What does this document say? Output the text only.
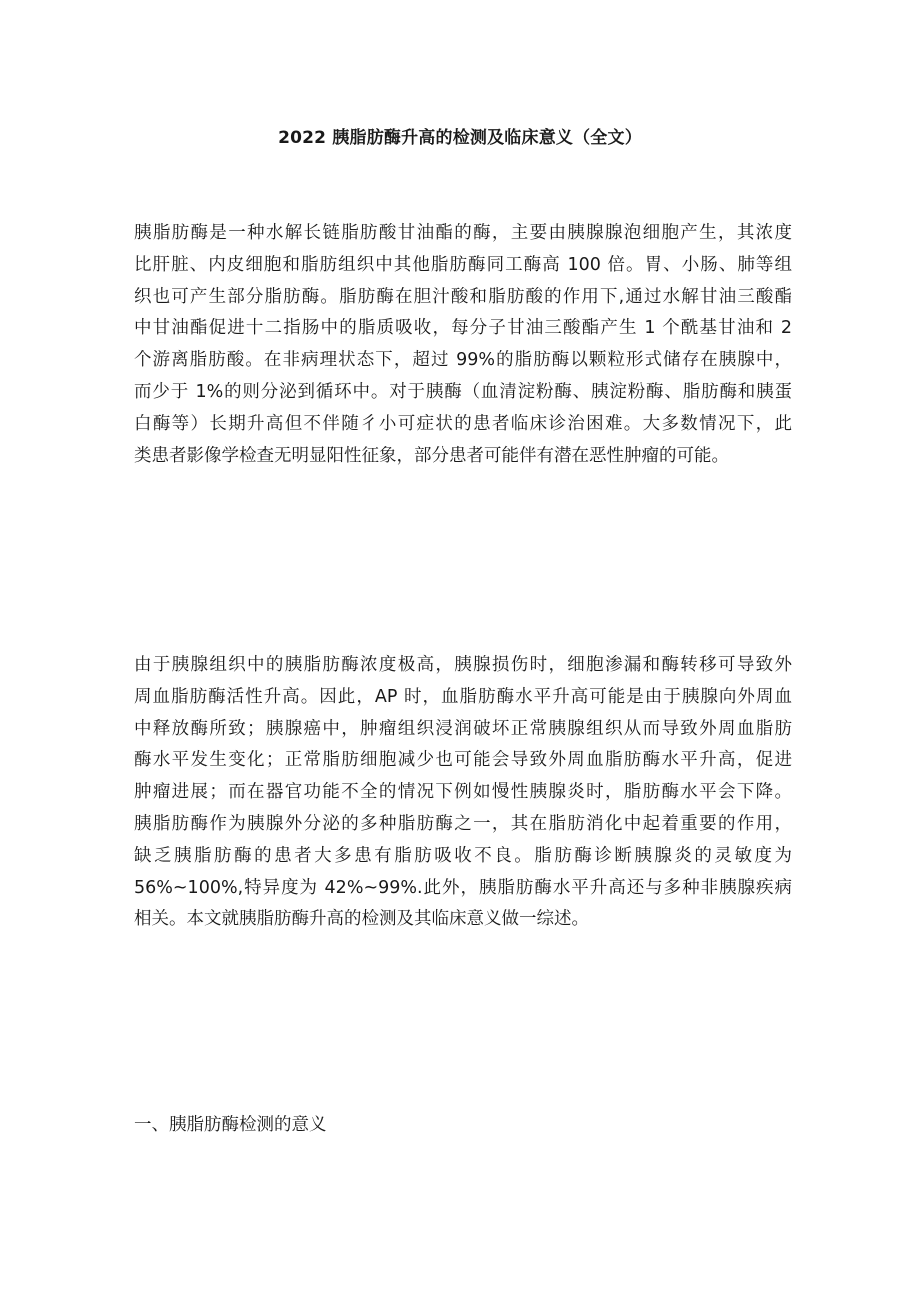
2022 胰脂肪酶升高的检测及临床意义（全文）
胰脂肪酶是一种水解长链脂肪酸甘油酯的酶，主要由胰腺腺泡细胞产生，其浓度
比肝脏、内皮细胞和脂肪组织中其他脂肪酶同工酶高 100 倍。胃、小肠、肺等组
织也可产生部分脂肪酶。脂肪酶在胆汁酸和脂肪酸的作用下,通过水解甘油三酸酯
中甘油酯促进十二指肠中的脂质吸收，每分子甘油三酸酯产生 1 个酰基甘油和 2
个游离脂肪酸。在非病理状态下，超过 99%的脂肪酶以颗粒形式储存在胰腺中，
而少于 1%的则分泌到循环中。对于胰酶（血清淀粉酶、胰淀粉酶、脂肪酶和胰蛋
白酶等）长期升高但不伴随彳小可症状的患者临床诊治困难。大多数情况下，此
类患者影像学检查无明显阳性征象，部分患者可能伴有潜在恶性肿瘤的可能。
由于胰腺组织中的胰脂肪酶浓度极高，胰腺损伤时，细胞渗漏和酶转移可导致外
周血脂肪酶活性升高。因此，AP 时，血脂肪酶水平升高可能是由于胰腺向外周血
中释放酶所致；胰腺癌中，肿瘤组织浸润破坏正常胰腺组织从而导致外周血脂肪
酶水平发生变化；正常脂肪细胞减少也可能会导致外周血脂肪酶水平升高，促进
肿瘤进展；而在器官功能不全的情况下例如慢性胰腺炎时，脂肪酶水平会下降。
胰脂肪酶作为胰腺外分泌的多种脂肪酶之一，其在脂肪消化中起着重要的作用，
缺乏胰脂肪酶的患者大多患有脂肪吸收不良。脂肪酶诊断胰腺炎的灵敏度为
56%~100%,特异度为 42%~99%.此外，胰脂肪酶水平升高还与多种非胰腺疾病
相关。本文就胰脂肪酶升高的检测及其临床意义做一综述。
一、胰脂肪酶检测的意义
